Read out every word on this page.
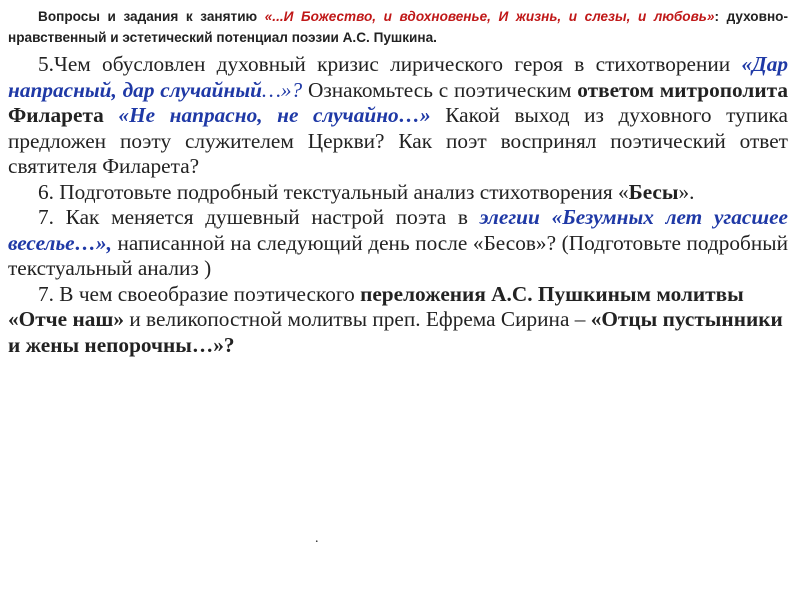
Вопросы и задания к занятию «...И Божество, и вдохновенье, И жизнь, и слезы, и любовь»: духовно-нравственный и эстетический потенциал поэзии А.С. Пушкина.

5.Чем обусловлен духовный кризис лирического героя в стихотворении «Дар напрасный, дар случайный…»? Ознакомьтесь с поэтическим ответом митрополита Филарета «Не напрасно, не случайно…» Какой выход из духовного тупика предложен поэту служителем Церкви? Как поэт воспринял поэтический ответ святителя Филарета?

6. Подготовьте подробный текстуальный анализ стихотворения «Бесы».

7. Как меняется душевный настрой поэта в элегии «Безумных лет угасшее веселье…», написанной на следующий день после «Бесов»? (Подготовьте подробный текстуальный анализ )

7. В чем своеобразие поэтического переложения А.С. Пушкиным молитвы «Отче наш» и великопостной молитвы преп. Ефрема Сирина – «Отцы пустынники и жены непорочны…»?

.
